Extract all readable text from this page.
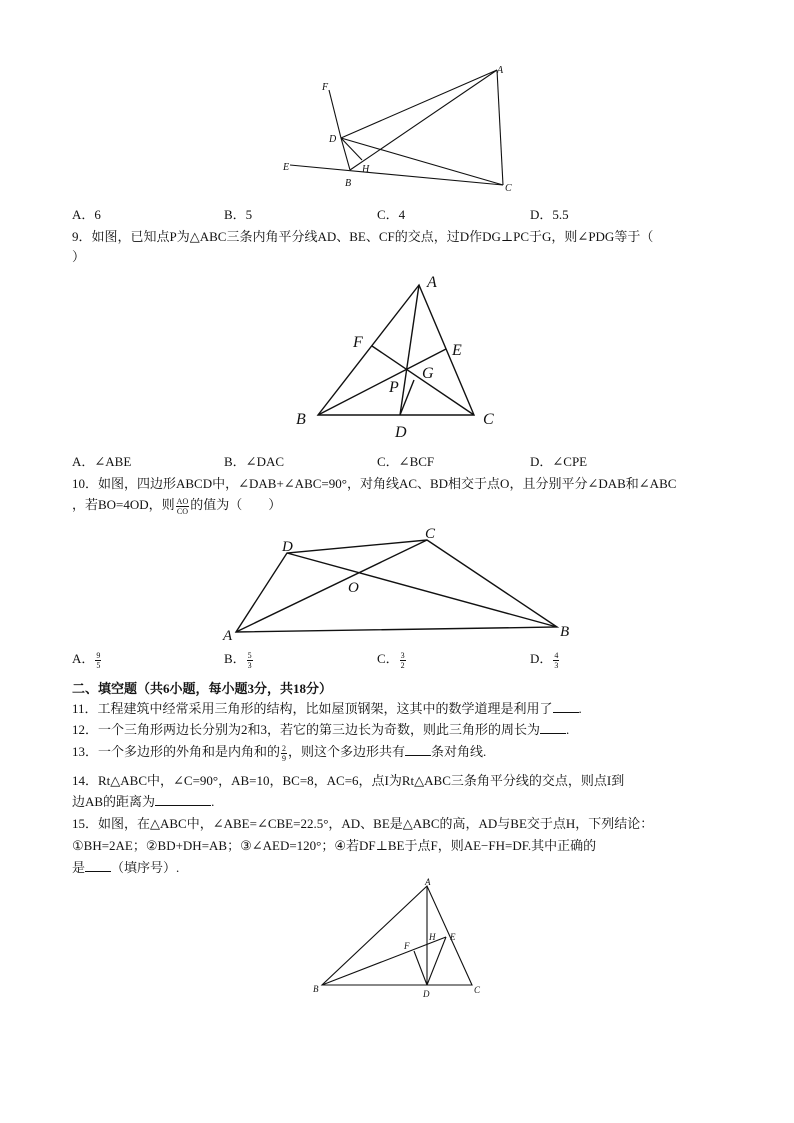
F
A
D
E	H
B	C
A．6	B．5	C．4	D．5.5
9．如图，已知点P为△ABC三条内角平分线AD、BE、CF的交点，过D作DG⊥PC于G，则∠PDG等于（
）
A
F	E
P
G
B
D
C
A．∠ABE	B．∠DAC	C．∠BCF	D．∠CPE
10．如图，四边形ABCD中，∠DAB+∠ABC=90°，对角线AC、BD相交于点O，且分别平分∠DAB和∠ABC
，若BO=4OD，则 $\frac{AO}{CO}$ 的值为（　　）
D
C
O
A	B
A． $\frac{9}{5}$	B． $\frac{5}{3}$	C． $\frac{3}{2}$	D． $\frac{4}{3}$
二、填空题（共6小题，每小题3分，共18分）
11．工程建筑中经常采用三角形的结构，比如屋顶钢架，这其中的数学道理是利用了 .
12．一个三角形两边长分别为2和3，若它的第三边长为奇数，则此三角形的周长为 .
13．一个多边形的外角和是内角和的 $\frac{2}{9}$ ，则这个多边形共有 条对角线.
14．Rt△ABC中，∠C=90°，AB=10，BC=8，AC=6，点I为Rt△ABC三条角平分线的交点，则点I到
边AB的距离为	.
15．如图，在△ABC中，∠ABE=∠CBE=22.5°，AD、BE是△ABC的高，AD与BE交于点H，下列结论：
①BH=2AE；②BD+DH=AB；③∠AED=120°；④若DF⊥BE于点F，则AE−FH=DF.其中正确的
是 （填序号）.
A
F
H E
B	D	C
